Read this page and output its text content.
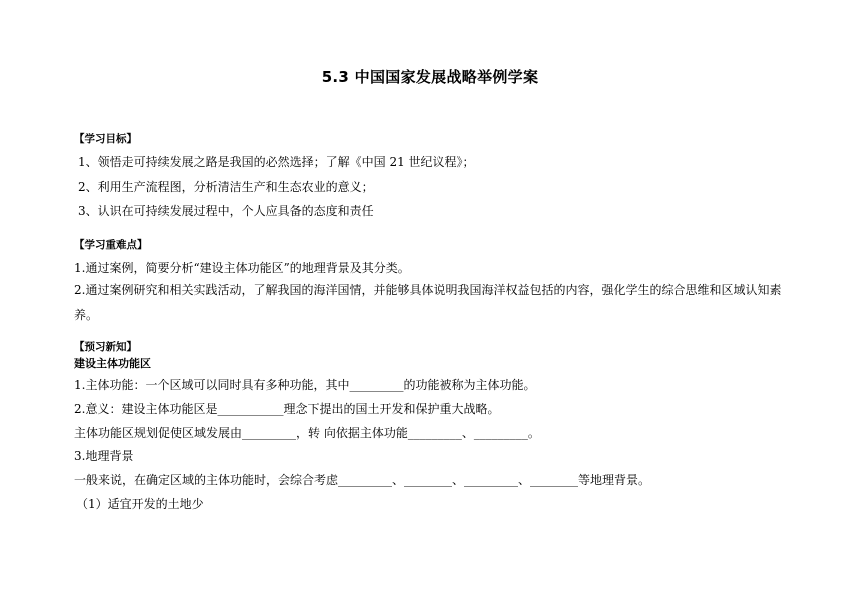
5.3 中国国家发展战略举例学案
【学习目标】
1、领悟走可持续发展之路是我国的必然选择；了解《中国 21 世纪议程》；
2、利用生产流程图，分析清洁生产和生态农业的意义；
3、认识在可持续发展过程中，个人应具备的态度和责任
【学习重难点】
1.通过案例，简要分析“建设主体功能区”的地理背景及其分类。
2.通过案例研究和相关实践活动，了解我国的海洋国情，并能够具体说明我国海洋权益包括的内容，强化学生的综合思维和区域认知素养。
【预习新知】
建设主体功能区
1.主体功能：一个区域可以同时具有多种功能，其中_________的功能被称为主体功能。
2.意义：建设主体功能区是___________理念下提出的国土开发和保护重大战略。
主体功能区规划促使区域发展由_________，转 向依据主体功能_________、_________。
3.地理背景
一般来说，在确定区域的主体功能时，会综合考虑_________、________、_________、________等地理背景。
（1）适宜开发的土地少
